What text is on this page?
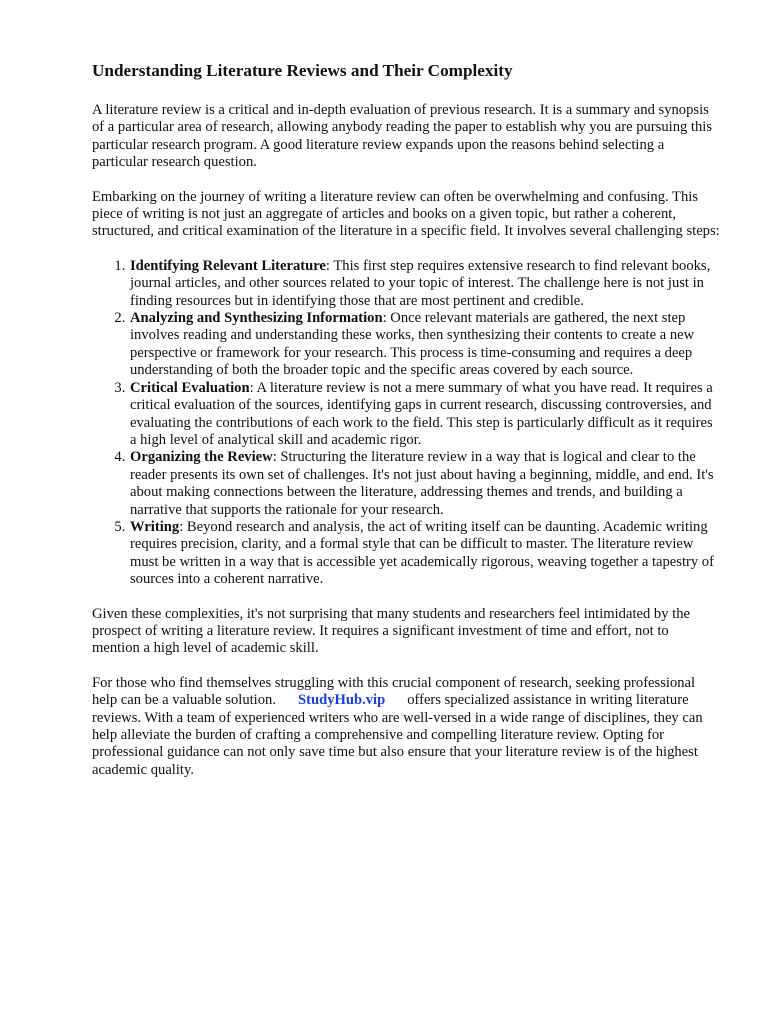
Understanding Literature Reviews and Their Complexity

A literature review is a critical and in-depth evaluation of previous research. It is a summary and synopsis of a particular area of research, allowing anybody reading the paper to establish why you are pursuing this particular research program. A good literature review expands upon the reasons behind selecting a particular research question.

Embarking on the journey of writing a literature review can often be overwhelming and confusing. This piece of writing is not just an aggregate of articles and books on a given topic, but rather a coherent, structured, and critical examination of the literature in a specific field. It involves several challenging steps:

1. Identifying Relevant Literature: This first step requires extensive research to find relevant books, journal articles, and other sources related to your topic of interest. The challenge here is not just in finding resources but in identifying those that are most pertinent and credible.
2. Analyzing and Synthesizing Information: Once relevant materials are gathered, the next step involves reading and understanding these works, then synthesizing their contents to create a new perspective or framework for your research. This process is time-consuming and requires a deep understanding of both the broader topic and the specific areas covered by each source.
3. Critical Evaluation: A literature review is not a mere summary of what you have read. It requires a critical evaluation of the sources, identifying gaps in current research, discussing controversies, and evaluating the contributions of each work to the field. This step is particularly difficult as it requires a high level of analytical skill and academic rigor.
4. Organizing the Review: Structuring the literature review in a way that is logical and clear to the reader presents its own set of challenges. It's not just about having a beginning, middle, and end. It's about making connections between the literature, addressing themes and trends, and building a narrative that supports the rationale for your research.
5. Writing: Beyond research and analysis, the act of writing itself can be daunting. Academic writing requires precision, clarity, and a formal style that can be difficult to master. The literature review must be written in a way that is accessible yet academically rigorous, weaving together a tapestry of sources into a coherent narrative.

Given these complexities, it's not surprising that many students and researchers feel intimidated by the prospect of writing a literature review. It requires a significant investment of time and effort, not to mention a high level of academic skill.

For those who find themselves struggling with this crucial component of research, seeking professional help can be a valuable solution. StudyHub.vip offers specialized assistance in writing literature reviews. With a team of experienced writers who are well-versed in a wide range of disciplines, they can help alleviate the burden of crafting a comprehensive and compelling literature review. Opting for professional guidance can not only save time but also ensure that your literature review is of the highest academic quality.
